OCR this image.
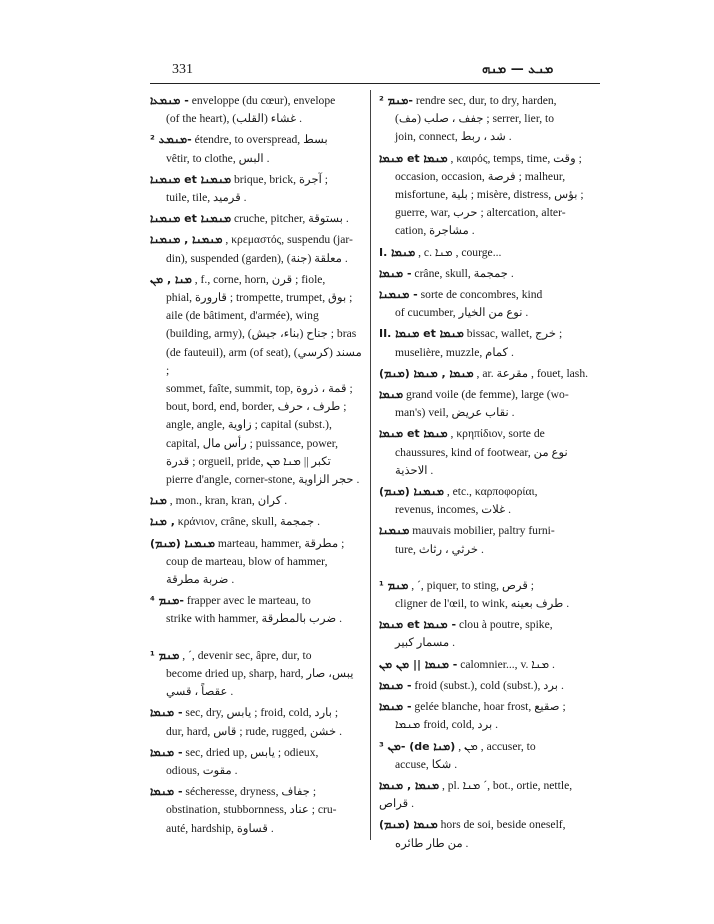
331	ܡܢܥ — ܡܢܗ

ܡܢܡܥܐ - enveloppe (du cœur), envelope

(of the heart), (غشاء (القلب .

ܡܢܡܥ ²- étendre, to overspread, بسط

vêtir, to clothe, البس .

ܡܢܡܢܐ et ܡܢܡܢܐ brique, brick, آجرة ;

tuile, tile, قرميد .

ܡܢܡܢܐ et ܡܢܡܢܐ cruche, pitcher, بستوقة .

ܡܢܡܢܐ , ܡܢܡܢܐ , κρεμαστός, suspendu (jar-

din), suspended (garden), (معلقة (جنة .

ܡܢܐ , ܡܢ , f., corne, horn, قرن ; fiole,

phial, قارورة ; trompette, trumpet, بوق ;

aile (de bâtiment, d'armée), wing

(building, army), (جناح (بناء، جيش ; bras

(de fauteuil), arm (of seat), (مسند (كرسي ;

sommet, faîte, summit, top, قمة ، ذروة ;

bout, bord, end, border, طرف ، حرف ;

angle, angle, زاوية ; capital (subst.),

capital, رأس مال ; puissance, power,

قدرة ; orgueil, pride, تكبر || ܡܢܐ ܡܢ

pierre d'angle, corner-stone, حجر الزاوية .

ܡܢܐ , mon., kran, kran, كران .

ܡܢܐ , κράνιον, crâne, skull, جمجمة .

(ܡܢܡ) ܡܢܡܢܐ marteau, hammer, مطرقة ;

coup de marteau, blow of hammer,

ضربة مطرقة .

ܡܢܡ ⁴- frapper avec le marteau, to

strike with hammer, ضرب بالمطرقة .

¹ ܡܢܡ , ´, devenir sec, âpre, dur, to

become dried up, sharp, hard, يبس، صار

عقصاً ، قسي .

ܡܢܡܐ - sec, dry, يابس ; froid, cold, بارد ;

dur, hard, قاس ; rude, rugged, خشن .

ܡܢܡܐ - sec, dried up, يابس ; odieux,

odious, مقوت .

ܡܢܡܐ - sécheresse, dryness, جفاف ;

obstination, stubbornness, عناد ; cru-

auté, hardship, قساوة .

ܡܢܡ ²- rendre sec, dur, to dry, harden,

(جفف ، صلب (مف ; serrer, lier, to

join, connect, شد ، ربط .

ܡܢܡܐ et ܡܢܡܐ , καιρός, temps, time, وقت ;

occasion, occasion, فرصة ; malheur,

misfortune, بلية ; misère, distress, بؤس ;

guerre, war, حرب ; altercation, alter-

cation, مشاجرة .

I. ܡܢܡܐ , c. ܡܢܐ , courge...

ܡܢܡܐ - crâne, skull, جمجمة .

ܡܢܡܢܐ - sorte de concombres, kind

of cucumber, نوع من الخيار .

II. ܡܢܡܐ et ܡܢܡܐ bissac, wallet, خرج ;

muselière, muzzle, كمام .

(ܡܢܡ) ܡܢܡܐ , ܡܢܡܐ , ar. مقرعة , fouet, lash.

ܡܢܡܐ grand voile (de femme), large (wo-

man's) veil, نقاب عريض .

ܡܢܡܐ et ܡܢܡܐ , κρηπίδιον, sorte de

chaussures, kind of footwear, نوع من

الاحذية .

(ܡܢܡ) ܡܢܡܢܐ , etc., καρποφορίαι,

revenus, incomes, غلات .

ܡܢܡܢܐ mauvais mobilier, paltry furni-

ture, خرثي ، رثاث .

¹ ܡܢܡ , ´, piquer, to sting, قرص ;

cligner de l'œil, to wink, طرف بعينه .

ܡܢܡܐ et ܡܢܡܐ - clou à poutre, spike,

مسمار كبير .

ܡܢܡܐ || ܡܢ ܡܢ - calomnier..., v. ܡܢܐ .

ܡܢܡܐ - froid (subst.), cold (subst.), برد .

ܡܢܡܐ - gelée blanche, hoar frost, صقيع ;

ܡܢܡܐ froid, cold, برد .

ܡܢ ³- (de ܡܢܐ) , ܡܢ , accuser, to

accuse, شكا .

ܡܢܡܐ , ܡܢܡܐ , pl. ܡܢܐ ´, bot., ortie, nettle, قراص .

(ܡܢܡ) ܡܢܡܐ hors de soi, beside oneself,

من طار طائره .
